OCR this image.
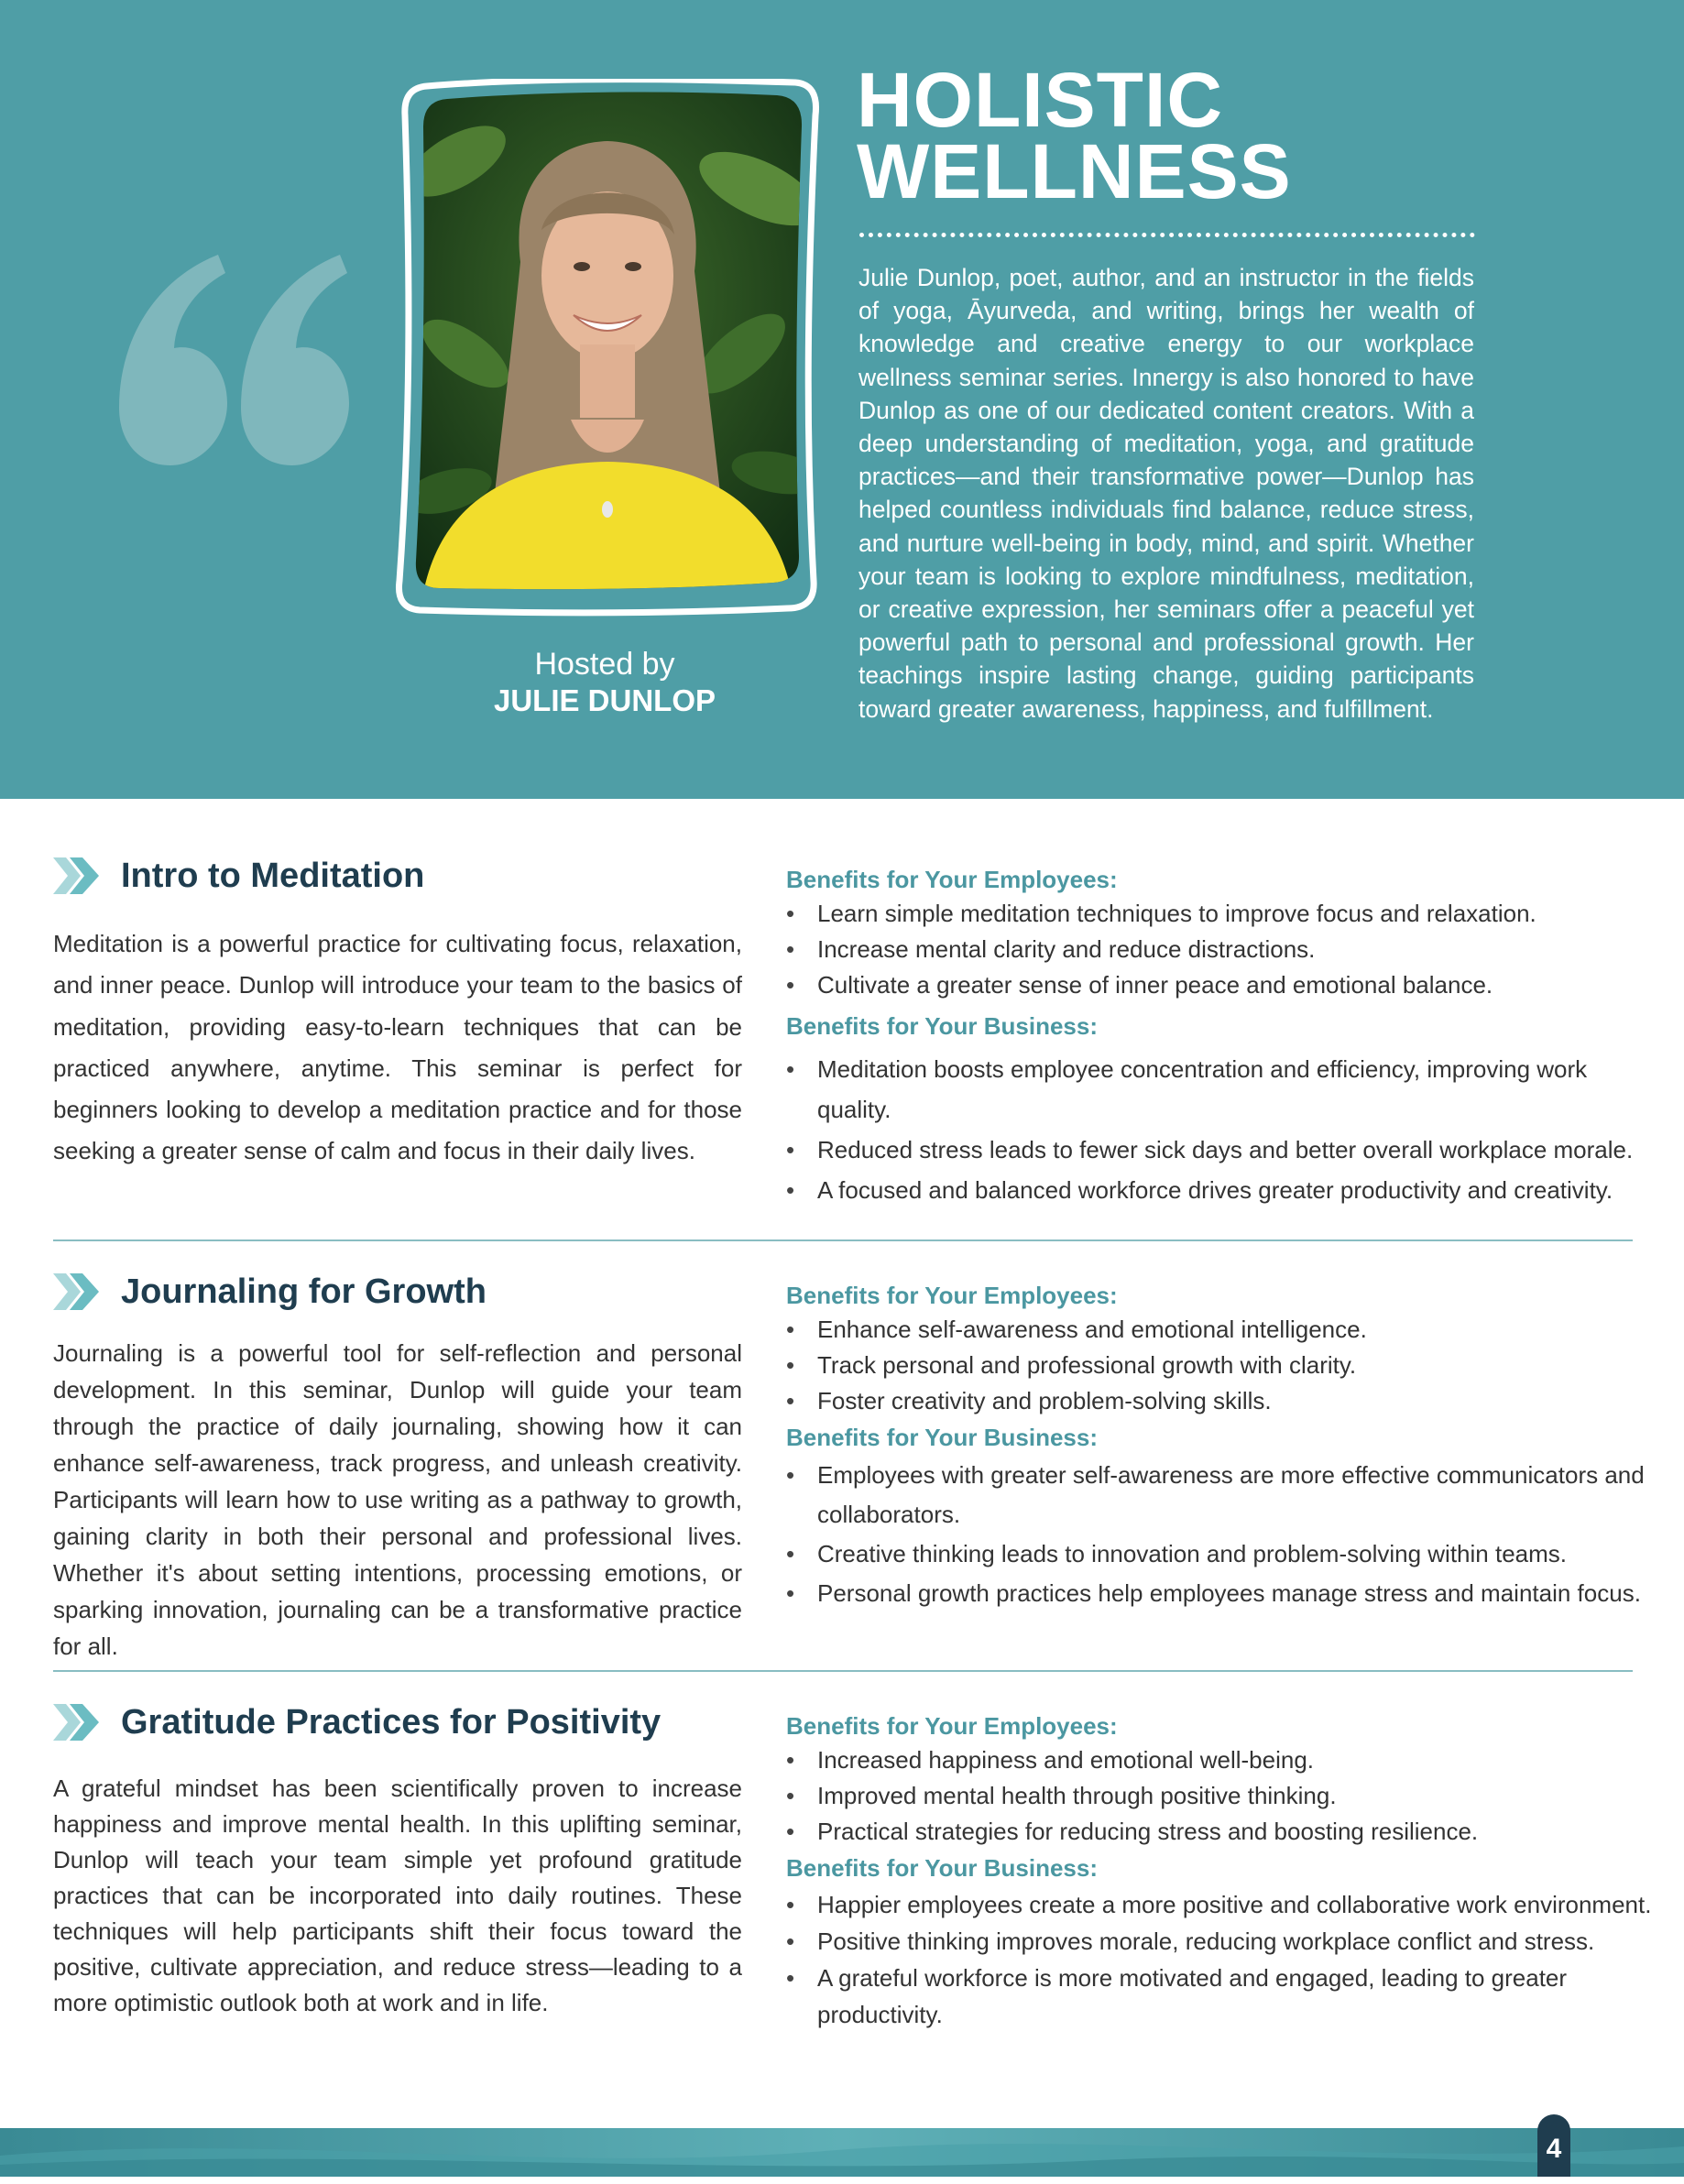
Hosted by
JULIE DUNLOP
HOLISTIC
WELLNESS

Julie Dunlop, poet, author, and an instructor in the fields of yoga, Āyurveda, and writing, brings her wealth of knowledge and creative energy to our workplace wellness seminar series. Innergy is also honored to have Dunlop as one of our dedicated content creators. With a deep understanding of meditation, yoga, and gratitude practices—and their transformative power—Dunlop has helped countless individuals find balance, reduce stress, and nurture well-being in body, mind, and spirit. Whether your team is looking to explore mindfulness, meditation, or creative expression, her seminars offer a peaceful yet powerful path to personal and professional growth. Her teachings inspire lasting change, guiding participants toward greater awareness, happiness, and fulfillment.

Intro to Meditation

Meditation is a powerful practice for cultivating focus, relaxation, and inner peace. Dunlop will introduce your team to the basics of meditation, providing easy-to-learn techniques that can be practiced anywhere, anytime. This seminar is perfect for beginners looking to develop a meditation practice and for those seeking a greater sense of calm and focus in their daily lives.

Benefits for Your Employees:
• Learn simple meditation techniques to improve focus and relaxation.
• Increase mental clarity and reduce distractions.
• Cultivate a greater sense of inner peace and emotional balance.
Benefits for Your Business:
• Meditation boosts employee concentration and efficiency, improving work quality.
• Reduced stress leads to fewer sick days and better overall workplace morale.
• A focused and balanced workforce drives greater productivity and creativity.
Journaling for Growth

Journaling is a powerful tool for self-reflection and personal development. In this seminar, Dunlop will guide your team through the practice of daily journaling, showing how it can enhance self-awareness, track progress, and unleash creativity. Participants will learn how to use writing as a pathway to growth, gaining clarity in both their personal and professional lives. Whether it's about setting intentions, processing emotions, or sparking innovation, journaling can be a transformative practice for all.

Benefits for Your Employees:
• Enhance self-awareness and emotional intelligence.
• Track personal and professional growth with clarity.
• Foster creativity and problem-solving skills.
Benefits for Your Business:
• Employees with greater self-awareness are more effective communicators and collaborators.
• Creative thinking leads to innovation and problem-solving within teams.
• Personal growth practices help employees manage stress and maintain focus.
Gratitude Practices for Positivity

A grateful mindset has been scientifically proven to increase happiness and improve mental health. In this uplifting seminar, Dunlop will teach your team simple yet profound gratitude practices that can be incorporated into daily routines. These techniques will help participants shift their focus toward the positive, cultivate appreciation, and reduce stress—leading to a more optimistic outlook both at work and in life.

Benefits for Your Employees:
• Increased happiness and emotional well-being.
• Improved mental health through positive thinking.
• Practical strategies for reducing stress and boosting resilience.
Benefits for Your Business:
• Happier employees create a more positive and collaborative work environment.
• Positive thinking improves morale, reducing workplace conflict and stress.
• A grateful workforce is more motivated and engaged, leading to greater productivity.
4
